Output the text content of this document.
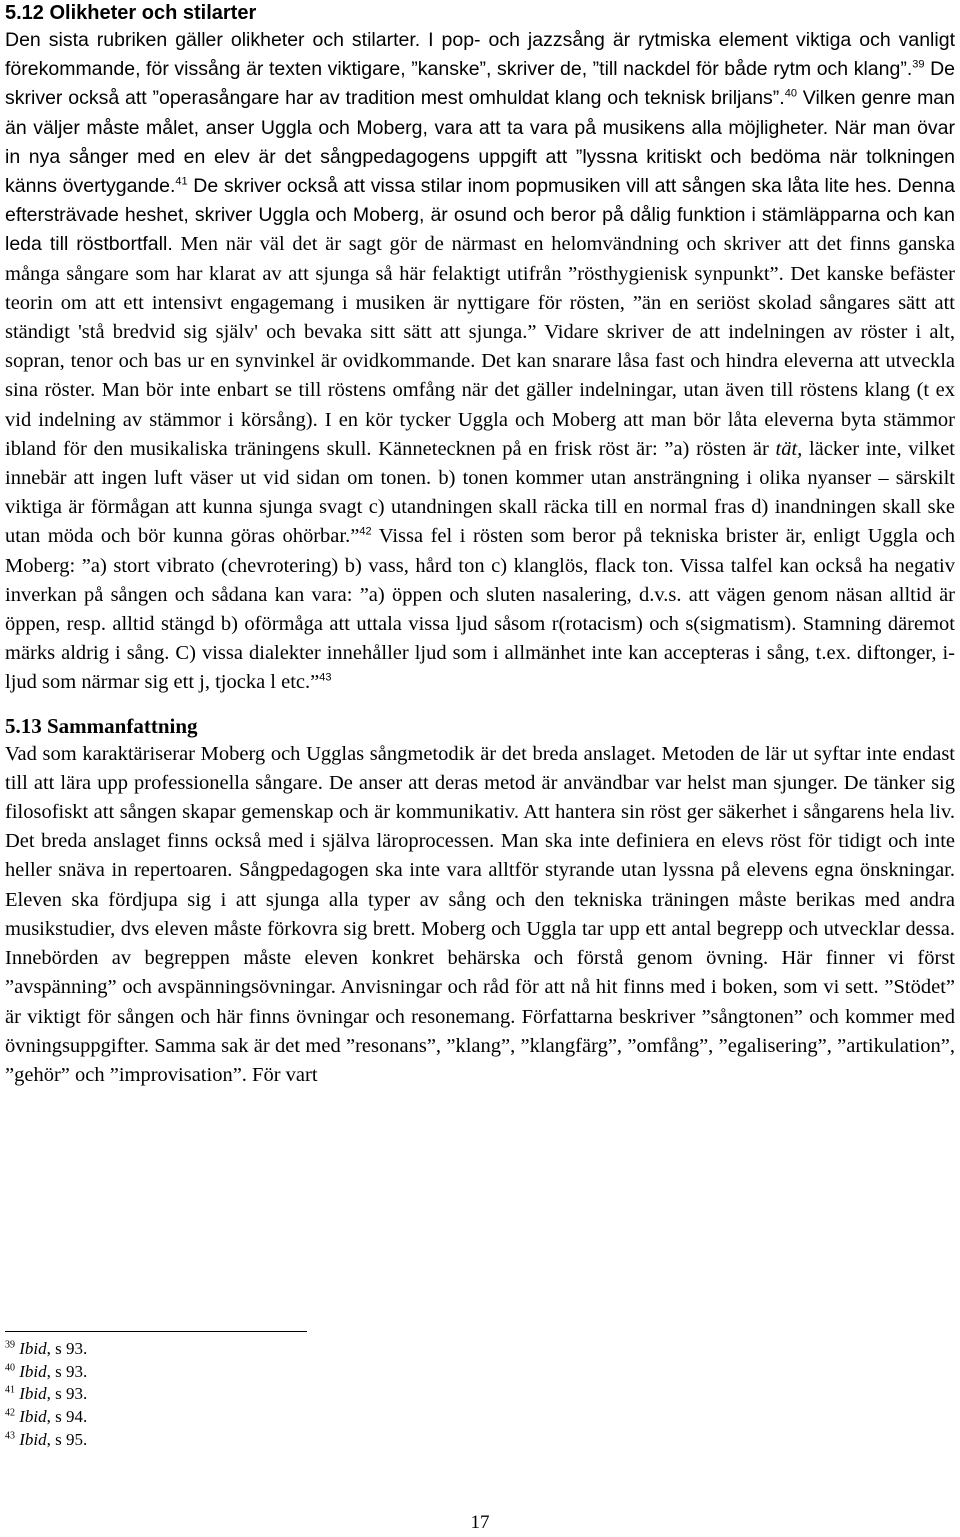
5.12 Olikheter och stilarter

Den sista rubriken gäller olikheter och stilarter. I pop- och jazzsång är rytmiska element viktiga och vanligt förekommande, för vissång är texten viktigare, ”kanske”, skriver de, ”till nackdel för både rytm och klang”.$^{39}$ De skriver också att ”operasångare har av tradition mest omhuldat klang och teknisk briljans”.$^{40}$ Vilken genre man än väljer måste målet, anser Uggla och Moberg, vara att ta vara på musikens alla möjligheter. När man övar in nya sånger med en elev är det sångpedagogens uppgift att ”lyssna kritiskt och bedöma när tolkningen känns övertygande.$^{41}$ De skriver också att vissa stilar inom popmusiken vill att sången ska låta lite hes. Denna eftersträvade heshet, skriver Uggla och Moberg, är osund och beror på dålig funktion i stämläpparna och kan leda till röstbortfall. Men när väl det är sagt gör de närmast en helomvändning och skriver att det finns ganska många sångare som har klarat av att sjunga så här felaktigt utifrån ”rösthygienisk synpunkt”. Det kanske befäster teorin om att ett intensivt engagemang i musiken är nyttigare för rösten, ”än en seriöst skolad sångares sätt att ständigt 'stå bredvid sig själv' och bevaka sitt sätt att sjunga.” Vidare skriver de att indelningen av röster i alt, sopran, tenor och bas ur en synvinkel är ovidkommande. Det kan snarare låsa fast och hindra eleverna att utveckla sina röster. Man bör inte enbart se till röstens omfång när det gäller indelningar, utan även till röstens klang (t ex vid indelning av stämmor i körsång). I en kör tycker Uggla och Moberg att man bör låta eleverna byta stämmor ibland för den musikaliska träningens skull. Kännetecknen på en frisk röst är: ”a) rösten är tät, läcker inte, vilket innebär att ingen luft väser ut vid sidan om tonen. b) tonen kommer utan ansträngning i olika nyanser – särskilt viktiga är förmågan att kunna sjunga svagt c) utandningen skall räcka till en normal fras d) inandningen skall ske utan möda och bör kunna göras ohörbar.”$^{42}$ Vissa fel i rösten som beror på tekniska brister är, enligt Uggla och Moberg: ”a) stort vibrato (chevrotering) b) vass, hård ton c) klanglös, flack ton. Vissa talfel kan också ha negativ inverkan på sången och sådana kan vara: ”a) öppen och sluten nasalering, d.v.s. att vägen genom näsan alltid är öppen, resp. alltid stängd b) oförmåga att uttala vissa ljud såsom r(rotacism) och s(sigmatism). Stamning däremot märks aldrig i sång. C) vissa dialekter innehåller ljud som i allmänhet inte kan accepteras i sång, t.ex. diftonger, i-ljud som närmar sig ett j, tjocka l etc.”$^{43}$

5.13 Sammanfattning

Vad som karaktäriserar Moberg och Ugglas sångmetodik är det breda anslaget. Metoden de lär ut syftar inte endast till att lära upp professionella sångare. De anser att deras metod är användbar var helst man sjunger. De tänker sig filosofiskt att sången skapar gemenskap och är kommunikativ. Att hantera sin röst ger säkerhet i sångarens hela liv. Det breda anslaget finns också med i själva läroprocessen. Man ska inte definiera en elevs röst för tidigt och inte heller snäva in repertoaren. Sångpedagogen ska inte vara alltför styrande utan lyssna på elevens egna önskningar. Eleven ska fördjupa sig i att sjunga alla typer av sång och den tekniska träningen måste berikas med andra musikstudier, dvs eleven måste förkovra sig brett. Moberg och Uggla tar upp ett antal begrepp och utvecklar dessa. Innebörden av begreppen måste eleven konkret behärska och förstå genom övning. Här finner vi först ”avspänning” och avspänningsövningar. Anvisningar och råd för att nå hit finns med i boken, som vi sett. ”Stödet” är viktigt för sången och här finns övningar och resonemang. Författarna beskriver ”sångtonen” och kommer med övningsuppgifter. Samma sak är det med ”resonans”, ”klang”, ”klangfärg”, ”omfång”, ”egalisering”, ”artikulation”, ”gehör” och ”improvisation”. För vart

$^{39}$ Ibid, s 93.
$^{40}$ Ibid, s 93.
$^{41}$ Ibid, s 93.
$^{42}$ Ibid, s 94.
$^{43}$ Ibid, s 95.
17
